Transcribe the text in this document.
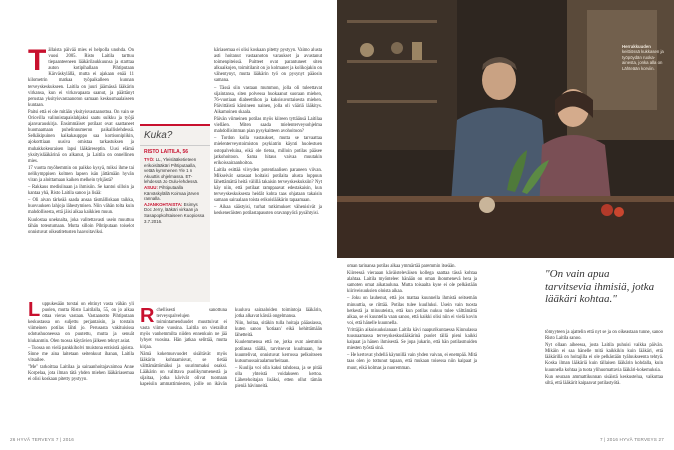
Tällaista päivää mies ei helpolla unohda. On vuosi 2005. Risto Laitila tarttuu tiepaanteeneen lääkärilaukkuunsa ja starttaa auton kotipihallaan Pihtiputaan Kärväskylällä, mutta ei ajakaan enää 11 kilometrin matkaa työpaikalleen kunnan terveyskeskukseen. Laitila on juuri jäämässä lääkärin virkansa, kun ei virkavapaata saanut, ja päättänyt perustaa yksityisvastaanoton samaan keskusmaalaiseen kuntaan.

Paitsi että ei ole mitään yksityisvastaanottoa. On vain se Oriovilla valinnistapaislahjaksi saatu sulkku ja työjä ajanvarauskirja. Ensimmäiset potilaat ovat saattaneet huomaamaan puhelinnumeron paikallislehdessä. Selkäkipuinen kaikakaupppo saa kortisonipiikin, ajokorttiaan uusiva omistaa tarkastuksen ja muhakkokeuraisen lapsi lääkäreseptin. Uusi elämä yksityislääkärinä on alkanut, ja Laitila on onnellinen mies.

17 vuotta myöhemmin on paikko kysyä, miksi ihme tai nelikymppisen kolmen lapsen isän jättämään hyvän viran ja aloittamaan kaiken melkein tyhjästä?

– Rakkaus medisiinaan ja ihmisiin. Se kantoi silloin ja kantaa yhä, Risto Laitila sanoo ja lisää:

– Oli aivan tärkeää saada ansaa täsmälliskaan taikka, huovuuksen lahjoja lähestymisen. Niin vähän tolta kuin mahdollisesta, että jäisi aikaa kaikkien muun.

Kuulostaa uneknalta, joka valitettavasti usein muuttuu tähän toteutumaan. Mutta silloin Pihtiputaan toiselot onnistuvat oikeatitetusten haavoitaviksi.

Luppukesään torstai on ehtinyt vasta vähän yli puolen, mutta Risto Laitilalla, 55, on jo aikaa ottaa vieras vastaan. Vastaanotto Pihtiputaan keskustassa on suljettu perjantaisin, ja torstain viimeinen potilas lähti jo. Perusasta vakituisissa odotushuoneessa on puutettu, mutta ja senuät hiukanmin. Olen tuossa käytävien jälkeen tehnyt asiat.

– Tuossa on vielä pankkiholvi muistona entisistä ajoista. Sinne me aina laitetaan seitenkuut ihanan, Laitila vitsailee.

"Me" tarkoittaa Laitilaa ja sairaanhoitajavaimoa Anne Korpelaa, jota ilman tätä yhden miehen lääkäriasemaa ei olisi koskaan pitetty pystyyn.

käriasemaa ei olisi koskaan pitetty pystyyn. Vaimo alusta asti hoitanut vastaanoton varaukset ja avustanut toimenpiteissä. Puitteet ovat parantuneet siten alkuaikojen, toimitilanit on jo kolmanet ja kolikojakin on vähentynyt, mutta lääkärin työ on pysynyt pääosin samana.

– Tässä siin vastaan mummon, jolla oli tuleettavat sijaintansa, siten polvessa huokaanut suoraan miehen, 76-vuotiaan diabeettikon ja kaksisuvuttaisesta miehen. Päivittäistä kärsineen nainen, jolla oli vääriä lääkitys. Aikamoinen skaala.

Päivän viimeinen potilas myös kiireen tyttäänsä Laitilaa vielläen. Miten saada mielenterveysohjelma mahdollisimman pian pysykaitteen avohoitoon?

– Tordon kolla vastaukset, mutta se tarvaattaa mielenterveystoimiston psykiatrin käynti huolestuen ostopalveluina, eikä ole tietoa, milloin potilas pääsee jatkohoitoon. Sama hitaus vaivaa muutakin erikoissairaanhoitoa.

Laitila esittää viivyden potentiaalisen paraneen viivan. Mikseivät satasaat hoitaisi potilaita alusta loppuun lähettämättä heitä välillä takaisin terveyskeskuksiin? Nyt käy niin, että potilaat ramppaavat edestakaisin, kun terveyskeskuksesta heidät kohta taas ohjataan takaisin samaan sairaalaan toista erikoislääkärin tapaamaan.

– Aikaa säästyisi, turhat tutkimukset vähenisivät ja keskeneräisten potilastapausten oravanpyörä pysähtyisi.

Rchellisesti sanottuna terveyspalvelujen toimintamenduudet muuttuivat ei vasta viime vuosina. Laitila on vieraillut myös vanhemmilta niiden ennenkuin ne jää lyhyet vuosina. Hän jatkaa selittää, mutta kirjaa.

Nämä kokemusvuodet sisältävät myös lääkärin kohtaamisvat, se tietää välttämättömäksi ja suurimmaksi osaksi. Lääkärin on valittava puolikymmenestä ja sijaitaa, jotka kävivät olivat tuomaan kapeisiin ammattimiesten, joille on ikävän kuuluva sairaaloiden toimintoja lääkärin, jotka alkavat kärsiä ongelmansa.

Niin, hoitaa, sitäkin tulla hoitaja pääasiassa, kuten sanoo 'kotiaan' eikä kehittämään lähetteitä.

Kuulemmensa että ne, jotka ovat aiemmin potilassa täällä, tarvitsevat kuultuaan, he kuuntelivat, onnistuvat kerrossa pelkoitseen kutsumussairaalamurheitaan.

– Kuulija voi olla kaksi tahdossa, ja se pitää olla yhteistä voidakseen kertoa. Lähetehoitajan lisäksi, etten ollut tämän pieniä hävinneitä.

Kuka?
RISTO LAITILA, 56
TYÖ: LL, Yleislääketieteen erikoislääkäri Pihtiputaalla, vetää kymmenen Yle 1 n Akuuttis ohjelmassa. ET-lehdessä Jo Oulu-lehdessä.
ASUU: Pihtiputaalla Kärväskylällä Koimaa järven rannalla.
AJANKOHTAISTA: Esimys Doc Jerry, lääkäri virkaan ja Sasapopkohtaiseen Kuopiossa 3.7.2016.
26 HYVÄ TERVEYS 7 | 2016
Herrakkuuden
keittiössä kukkasen ja työpöydän ruoka-ainesta, jonka alla on Lähteään korviin.

oman tarinansa potilas alkaa ymmärtää paremmin itseään.

Kiireessä vieraaan käväisteleväisen kollega saattaa tässä kohtaa alahtaa. Laitila myöntelee: hänään on oman ihonmenevä hera ja samoten omat aikatauluna. Mutta toisaalta kyse ei ole pelkästään kiiriveisuuksien oloista aikaa.

– Joku on lauhenut, että jos mattaa kuunnella ihmistä seitsemän minuuttia, se riittää. Potilas tulee kuulluksi. Usein vain tuosta hetkestä ja minuuteista, että kun potilas nukuu tulee välttämättä aikaa, se ei kuuntella vaan sanoo, että kaikki olisi niin ei vielä kovin voi, että hänelle kuunnella.

Yrittäjän aikuisuuksianaan Laitila kävi naapurikuntaessa Kinnulassa tuusnaamassa terveyskeskuslääkärinä puolet tällä pieni kaikki kaipaat ja hänen ihmisestä. Se jopa jukarin, että hän potilasmuiden miesten työstä sinä.

– He kertovat yhdellä käynnillä vain yhden vaivan, ei enempää. Mitä taas olen jo tottunut tapaan, että mukaan toisessa niin kaipaat ja muut, eikä kolmas ja nuoremman.

"On vain apua tarvitsevia ihmisiä, jotka lääkäri kohtaa."

tömyyteen ja ajattelin että nyt se ja on oikeastaan tunne, sanoo Risto Laitila sanoo.

Nyt ollaan aiheessa, josta Laitila puhuisi vaikka päivän. Mikäin ei saa hänelle mitä kaikkikin kuin lääkäri, että lääkärillä on hoitajilla ei ole pelkästään tyäluukseenta tehtyä. Koska ilman lääkäriä kuin tällaisen lääkärin kohdalla, kuin kuunnella kohtaa ja tuota ylihuomattavia lääkäri-kokemuksia.

Kun seuraan ammattikunnan sisäistä keskustelua, vaikuttaa siltä, että lääkärit kaipaavat potilastyötä.

7 | 2016 HYVÄ TERVEYS 27
